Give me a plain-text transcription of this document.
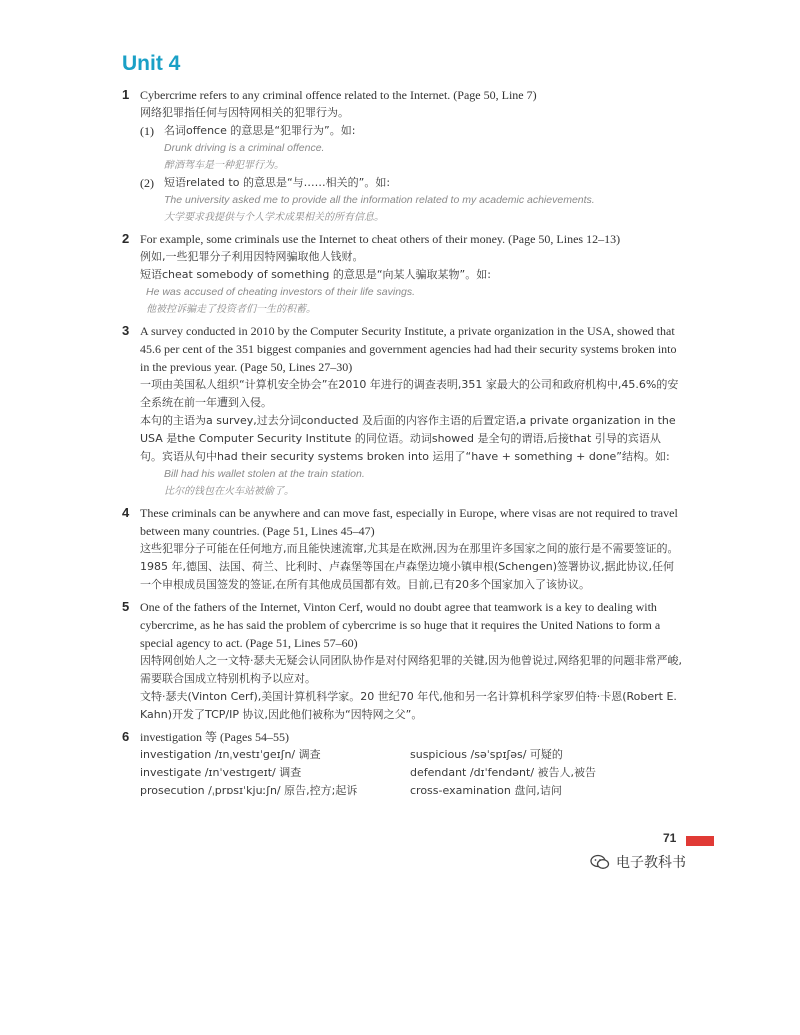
Unit 4
1 Cybercrime refers to any criminal offence related to the Internet. (Page 50, Line 7)
网络犯罪指任何与因特网相关的犯罪行为。
(1) 名词offence 的意思是“犯罪行为”。如:
Drunk driving is a criminal offence.
醉酒驾车是一种犯罪行为。
(2) 短语related to 的意思是“与……相关的”。如:
The university asked me to provide all the information related to my academic achievements.
大学要求我提供与个人学术成果相关的所有信息。
2 For example, some criminals use the Internet to cheat others of their money. (Page 50, Lines 12–13)
例如,一些犯罪分子利用因特网骗取他人钱财。
短语cheat somebody of something 的意思是“向某人骗取某物”。如:
He was accused of cheating investors of their life savings.
他被控诉骗走了投资者们一生的积蓄。
3 A survey conducted in 2010 by the Computer Security Institute, a private organization in the USA, showed that 45.6 per cent of the 351 biggest companies and government agencies had had their security systems broken into in the previous year. (Page 50, Lines 27–30)
一项由美国私人组织“计算机安全协会”在2010 年进行的调查表明,351 家最大的公司和政府机构中,45.6%的安全系统在前一年遭到入侵。
本句的主语为a survey,过去分词conducted 及后面的内容作主语的后置定语,a private organization in the USA 是the Computer Security Institute 的同位语。动词showed 是全句的谓语,后接that 引导的宾语从句。宾语从句中had their security systems broken into 运用了“have + something + done”结构。如:
Bill had his wallet stolen at the train station.
比尔的钱包在火车站被偷了。
4 These criminals can be anywhere and can move fast, especially in Europe, where visas are not required to travel between many countries. (Page 51, Lines 45–47)
这些犯罪分子可能在任何地方,而且能快速流窜,尤其是在欧洲,因为在那里许多国家之间的旅行是不需要签证的。
1985 年,德国、法国、荷兰、比利时、卢森堡等国在卢森堡边境小镇申根(Schengen)签署协议,据此协议,任何一个申根成员国签发的签证,在所有其他成员国都有效。目前,已有20多个国家加入了该协议。
5 One of the fathers of the Internet, Vinton Cerf, would no doubt agree that teamwork is a key to dealing with cybercrime, as he has said the problem of cybercrime is so huge that it requires the United Nations to form a special agency to act. (Page 51, Lines 57–60)
因特网创始人之一文特·瑟夫无疑会认同团队协作是对付网络犯罪的关键,因为他曾说过,网络犯罪的问题非常严峻,需要联合国成立特别机构予以应对。
文特·瑟夫(Vinton Cerf),美国计算机科学家。20 世纪70 年代,他和另一名计算机科学家罗伯特·卡恩(Robert E. Kahn)开发了TCP/IP 协议,因此他们被称为“因特网之父”。
6 investigation 等 (Pages 54–55)
investigation /ɪnˌvestɪˈɡeɪʃn/ 调查	suspicious /səˈspɪʃəs/ 可疑的
investigate /ɪnˈvestɪɡeɪt/ 调查	defendant /dɪˈfendənt/ 被告人,被告
prosecution /ˌprɒsɪˈkjuːʃn/ 原告,控方;起诉	cross-examination 盘问,诘问
71
电子教科书
